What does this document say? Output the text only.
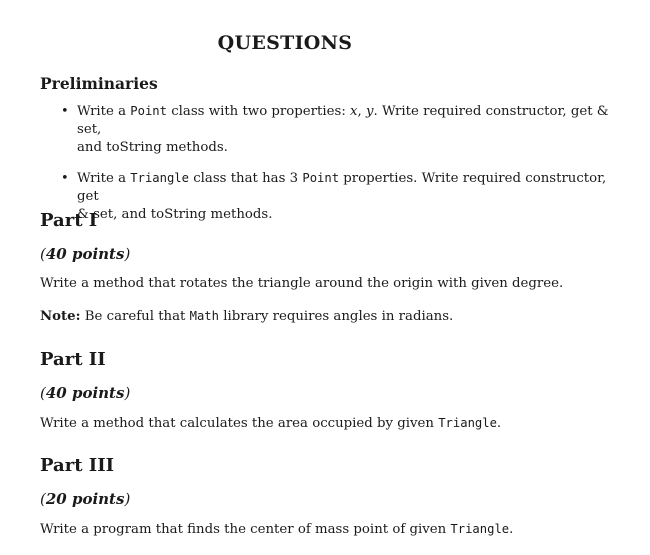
QUESTIONS
Preliminaries
• Write a Point class with two properties: x, y. Write required constructor, get & set,
and toString methods.
• Write a Triangle class that has 3 Point properties. Write required constructor, get
& set, and toString methods.
Part I
(40 points)
Write a method that rotates the triangle around the origin with given degree.
Note: Be careful that Math library requires angles in radians.
Part II
(40 points)
Write a method that calculates the area occupied by given Triangle.
Part III
(20 points)
Write a program that finds the center of mass point of given Triangle.
